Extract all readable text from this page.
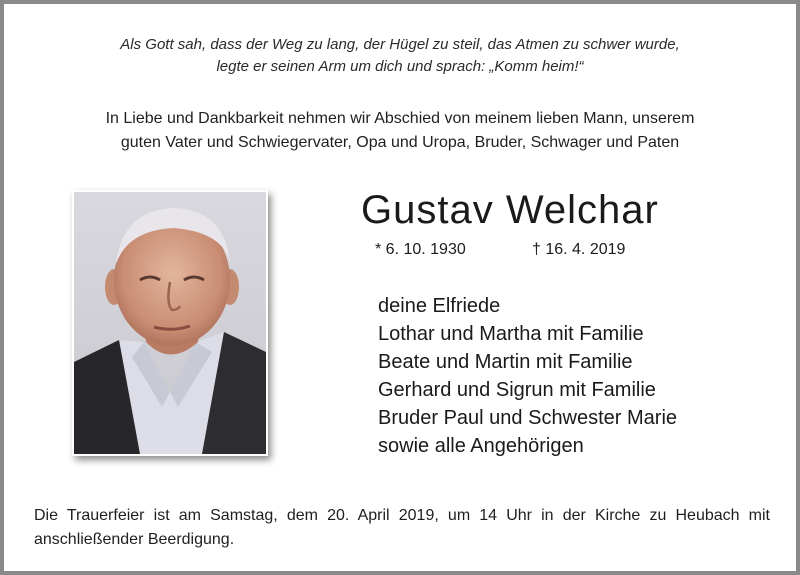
Als Gott sah, dass der Weg zu lang, der Hügel zu steil, das Atmen zu schwer wurde,
legte er seinen Arm um dich und sprach: „Komm heim!“
In Liebe und Dankbarkeit nehmen wir Abschied von meinem lieben Mann, unserem
guten Vater und Schwiegervater, Opa und Uropa, Bruder, Schwager und Paten
Gustav Welchar
* 6. 10. 1930	† 16. 4. 2019
deine Elfriede
Lothar und Martha mit Familie
Beate und Martin mit Familie
Gerhard und Sigrun mit Familie
Bruder Paul und Schwester Marie
sowie alle Angehörigen
Die Trauerfeier ist am Samstag, dem 20. April 2019, um 14 Uhr in der Kirche zu Heubach mit
anschließender Beerdigung.
